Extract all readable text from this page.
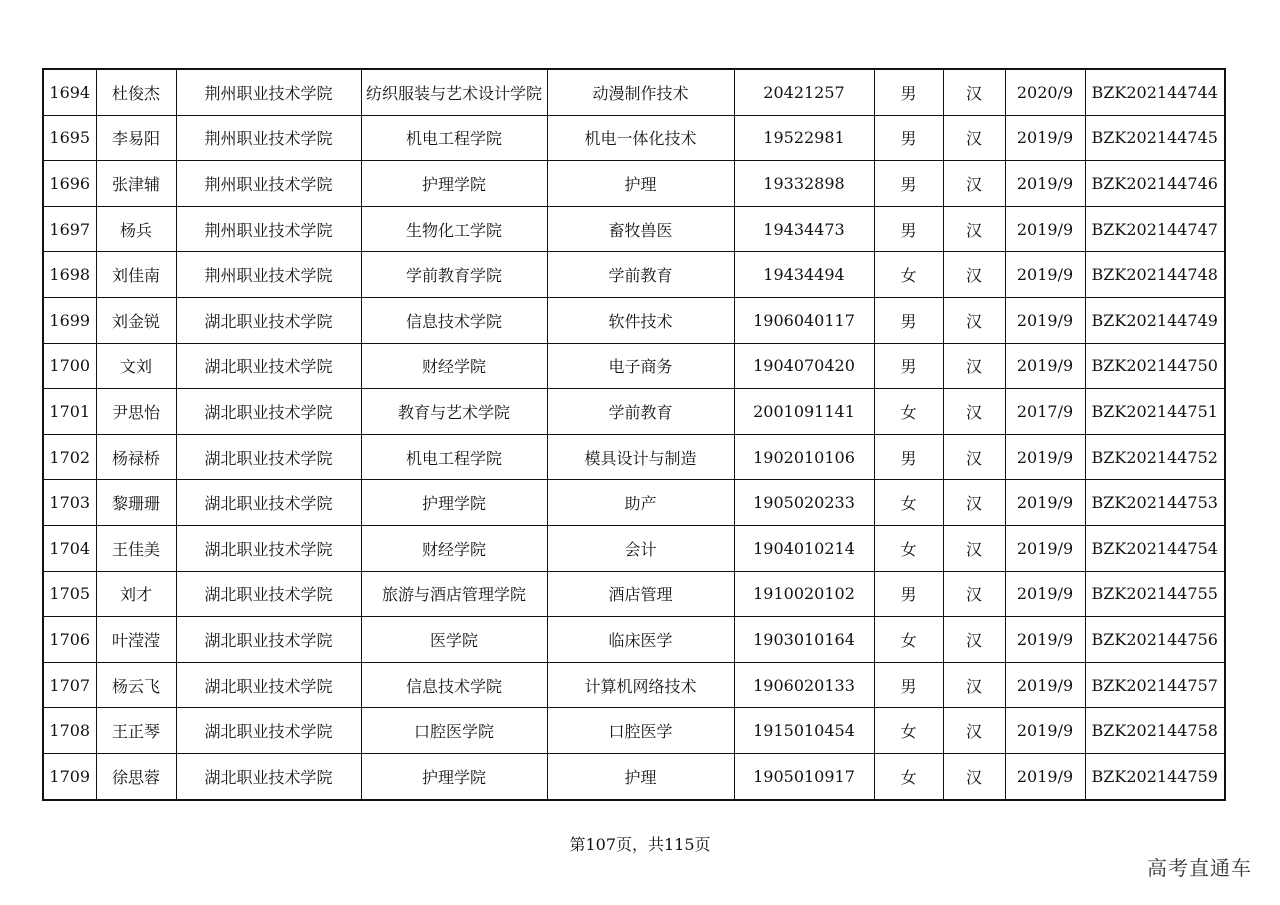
1694	杜俊杰	荆州职业技术学院	纺织服装与艺术设计学院	动漫制作技术	20421257	男	汉	2020/9	BZK202144744
1695	李易阳	荆州职业技术学院	机电工程学院	机电一体化技术	19522981	男	汉	2019/9	BZK202144745
1696	张津辅	荆州职业技术学院	护理学院	护理	19332898	男	汉	2019/9	BZK202144746
1697	杨兵	荆州职业技术学院	生物化工学院	畜牧兽医	19434473	男	汉	2019/9	BZK202144747
1698	刘佳南	荆州职业技术学院	学前教育学院	学前教育	19434494	女	汉	2019/9	BZK202144748
1699	刘金锐	湖北职业技术学院	信息技术学院	软件技术	1906040117	男	汉	2019/9	BZK202144749
1700	文刘	湖北职业技术学院	财经学院	电子商务	1904070420	男	汉	2019/9	BZK202144750
1701	尹思怡	湖北职业技术学院	教育与艺术学院	学前教育	2001091141	女	汉	2017/9	BZK202144751
1702	杨禄桥	湖北职业技术学院	机电工程学院	模具设计与制造	1902010106	男	汉	2019/9	BZK202144752
1703	黎珊珊	湖北职业技术学院	护理学院	助产	1905020233	女	汉	2019/9	BZK202144753
1704	王佳美	湖北职业技术学院	财经学院	会计	1904010214	女	汉	2019/9	BZK202144754
1705	刘才	湖北职业技术学院	旅游与酒店管理学院	酒店管理	1910020102	男	汉	2019/9	BZK202144755
1706	叶滢滢	湖北职业技术学院	医学院	临床医学	1903010164	女	汉	2019/9	BZK202144756
1707	杨云飞	湖北职业技术学院	信息技术学院	计算机网络技术	1906020133	男	汉	2019/9	BZK202144757
1708	王正琴	湖北职业技术学院	口腔医学院	口腔医学	1915010454	女	汉	2019/9	BZK202144758
1709	徐思蓉	湖北职业技术学院	护理学院	护理	1905010917	女	汉	2019/9	BZK202144759
第107页，共115页
高考直通车
